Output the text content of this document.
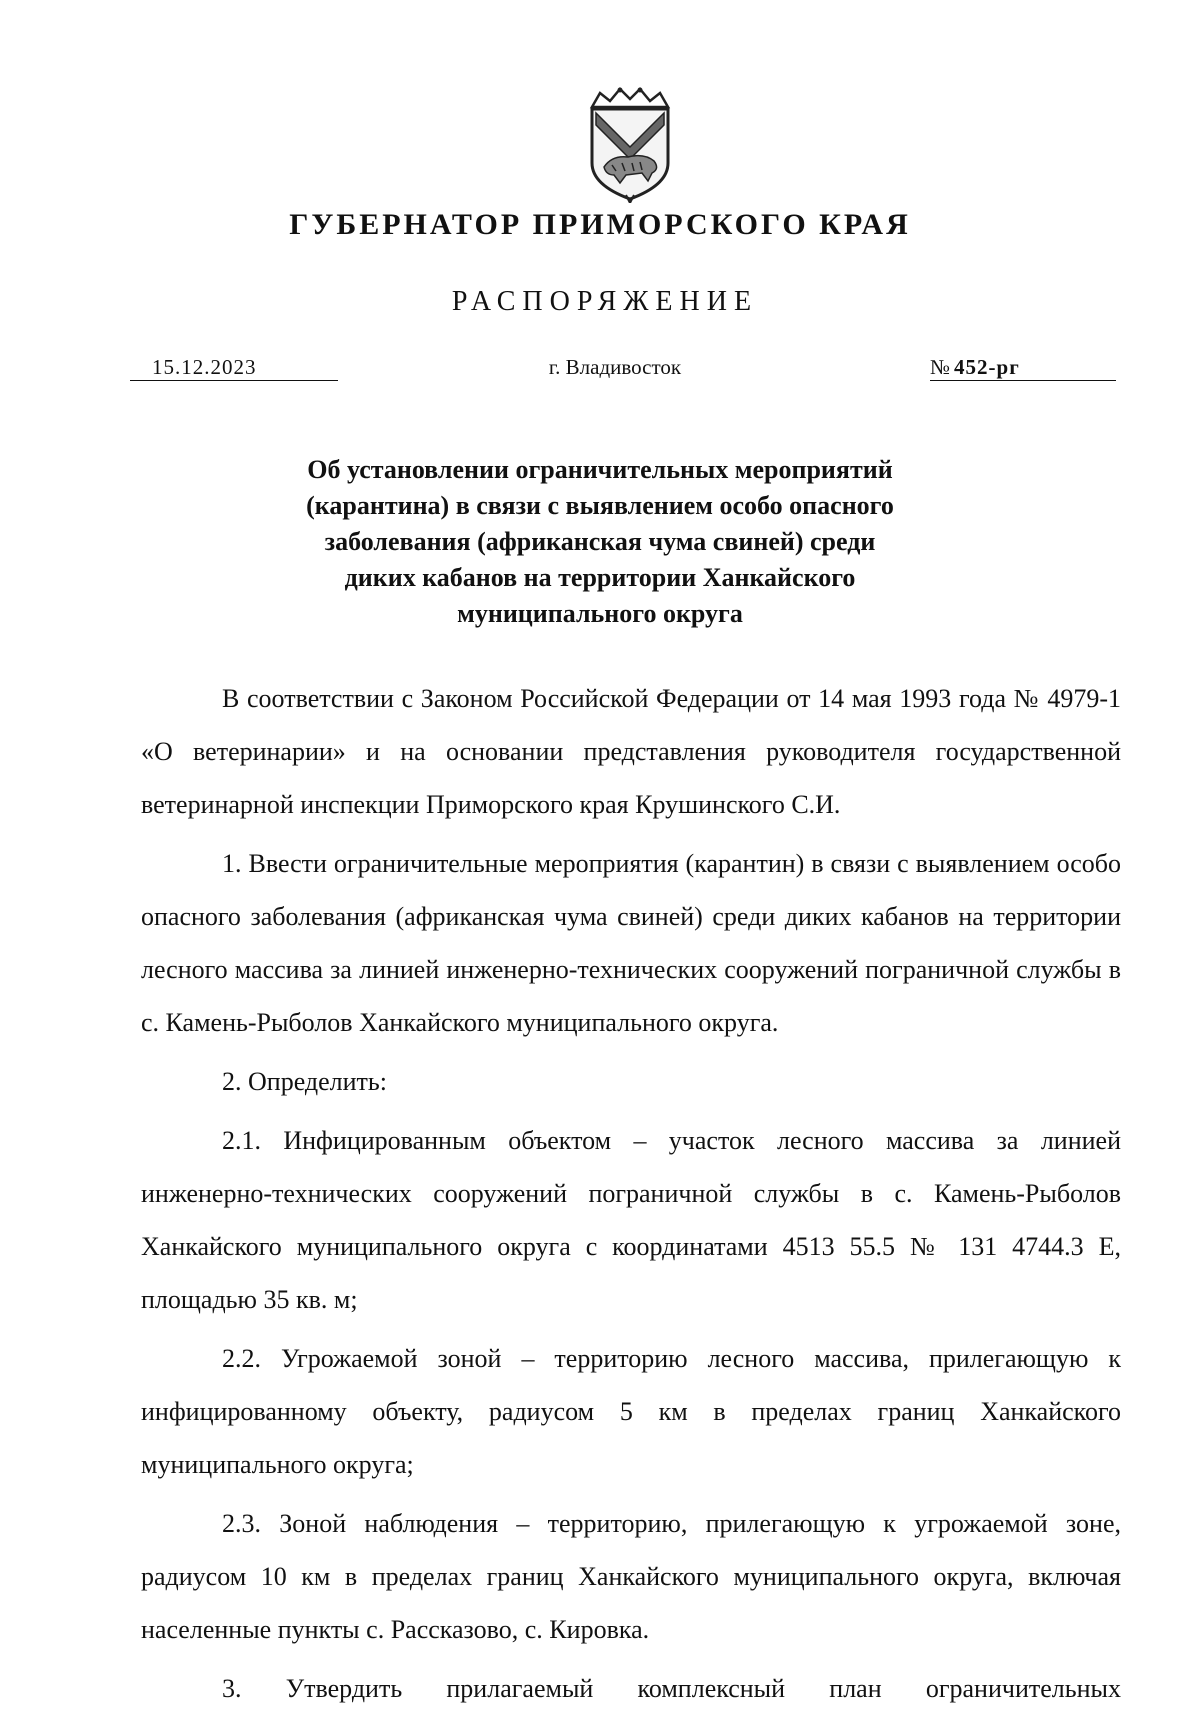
ГУБЕРНАТОР ПРИМОРСКОГО КРАЯ
РАСПОРЯЖЕНИЕ
15.12.2023	г. Владивосток	№ 452-рг
Об установлении ограничительных мероприятий
(карантина) в связи с выявлением особо опасного
заболевания (африканская чума свиней) среди
диких кабанов на территории Ханкайского
муниципального округа

В соответствии с Законом Российской Федерации от 14 мая 1993 года № 4979-1 «О ветеринарии» и на основании представления руководителя государственной ветеринарной инспекции Приморского края Крушинского С.И.

1. Ввести ограничительные мероприятия (карантин) в связи с выявлением особо опасного заболевания (африканская чума свиней) среди диких кабанов на территории лесного массива за линией инженерно-технических сооружений пограничной службы в с. Камень-Рыболов Ханкайского муниципального округа.

2. Определить:

2.1. Инфицированным объектом – участок лесного массива за линией инженерно-технических сооружений пограничной службы в с. Камень-Рыболов Ханкайского муниципального округа с координатами 4513 55.5 № 131 4744.3 Е, площадью 35 кв. м;

2.2. Угрожаемой зоной – территорию лесного массива, прилегающую к инфицированному объекту, радиусом 5 км в пределах границ Ханкайского муниципального округа;

2.3. Зоной наблюдения – территорию, прилегающую к угрожаемой зоне, радиусом 10 км в пределах границ Ханкайского муниципального округа, включая населенные пункты с. Рассказово, с. Кировка.

3. Утвердить прилагаемый комплексный план ограничительных
